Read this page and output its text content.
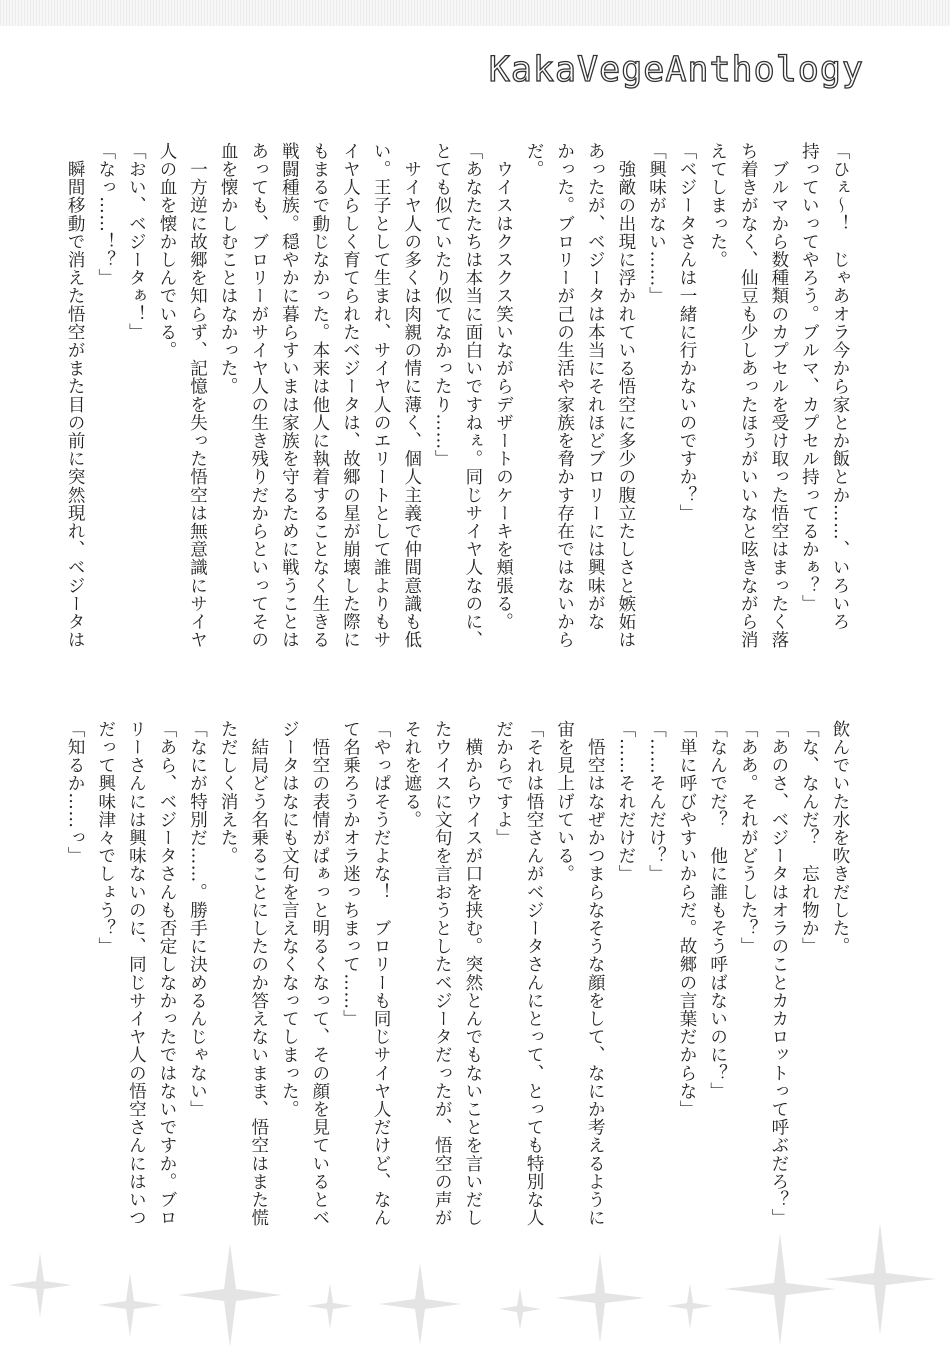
KakaVegeAnthology

「ひぇ〜！　じゃあオラ今から家とか飯とか……、いろいろ

持っていってやろう。ブルマ、カプセル持ってるかぁ？」

　ブルマから数種類のカプセルを受け取った悟空はまったく落

ち着きがなく、仙豆も少しあったほうがいいなと呟きながら消

えてしまった。

「ベジータさんは一緒に行かないのですか？」

「興味がない……」

　強敵の出現に浮かれている悟空に多少の腹立たしさと嫉妬は

あったが、ベジータは本当にそれほどブロリーには興味がな

かった。ブロリーが己の生活や家族を脅かす存在ではないから

だ。

　ウイスはクスクス笑いながらデザートのケーキを頬張る。

「あなたたちは本当に面白いですねぇ。同じサイヤ人なのに、

とても似ていたり似てなかったり……」

　サイヤ人の多くは肉親の情に薄く、個人主義で仲間意識も低

い。王子として生まれ、サイヤ人のエリートとして誰よりもサ

イヤ人らしく育てられたベジータは、故郷の星が崩壊した際に

もまるで動じなかった。本来は他人に執着することなく生きる

戦闘種族。穏やかに暮らすいまは家族を守るために戦うことは

あっても、ブロリーがサイヤ人の生き残りだからといってその

血を懐かしむことはなかった。

　一方逆に故郷を知らず、記憶を失った悟空は無意識にサイヤ

人の血を懐かしんでいる。

「おい、ベジータぁ！」

「なっ……！？」

　瞬間移動で消えた悟空がまた目の前に突然現れ、ベジータは

飲んでいた水を吹きだした。

「な、なんだ？　忘れ物か」

「あのさ、ベジータはオラのことカカロットって呼ぶだろ？」

「ああ。それがどうした？」

「なんでだ？　他に誰もそう呼ばないのに？」

「単に呼びやすいからだ。故郷の言葉だからな」

「……そんだけ？」

「……それだけだ」

　悟空はなぜかつまらなそうな顔をして、なにか考えるように

宙を見上げている。

「それは悟空さんがベジータさんにとって、とっても特別な人

だからですよ」

　横からウイスが口を挟む。突然とんでもないことを言いだし

たウイスに文句を言おうとしたベジータだったが、悟空の声が

それを遮る。

「やっぱそうだよな！　ブロリーも同じサイヤ人だけど、なん

て名乗ろうかオラ迷っちまって……」

　悟空の表情がぱぁっと明るくなって、その顔を見ているとベ

ジータはなにも文句を言えなくなってしまった。

　結局どう名乗ることにしたのか答えないまま、悟空はまた慌

ただしく消えた。

「なにが特別だ……。勝手に決めるんじゃない」

「あら、ベジータさんも否定しなかったではないですか。ブロ

リーさんには興味ないのに、同じサイヤ人の悟空さんにはいつ

だって興味津々でしょう？」

「知るか……っ」
